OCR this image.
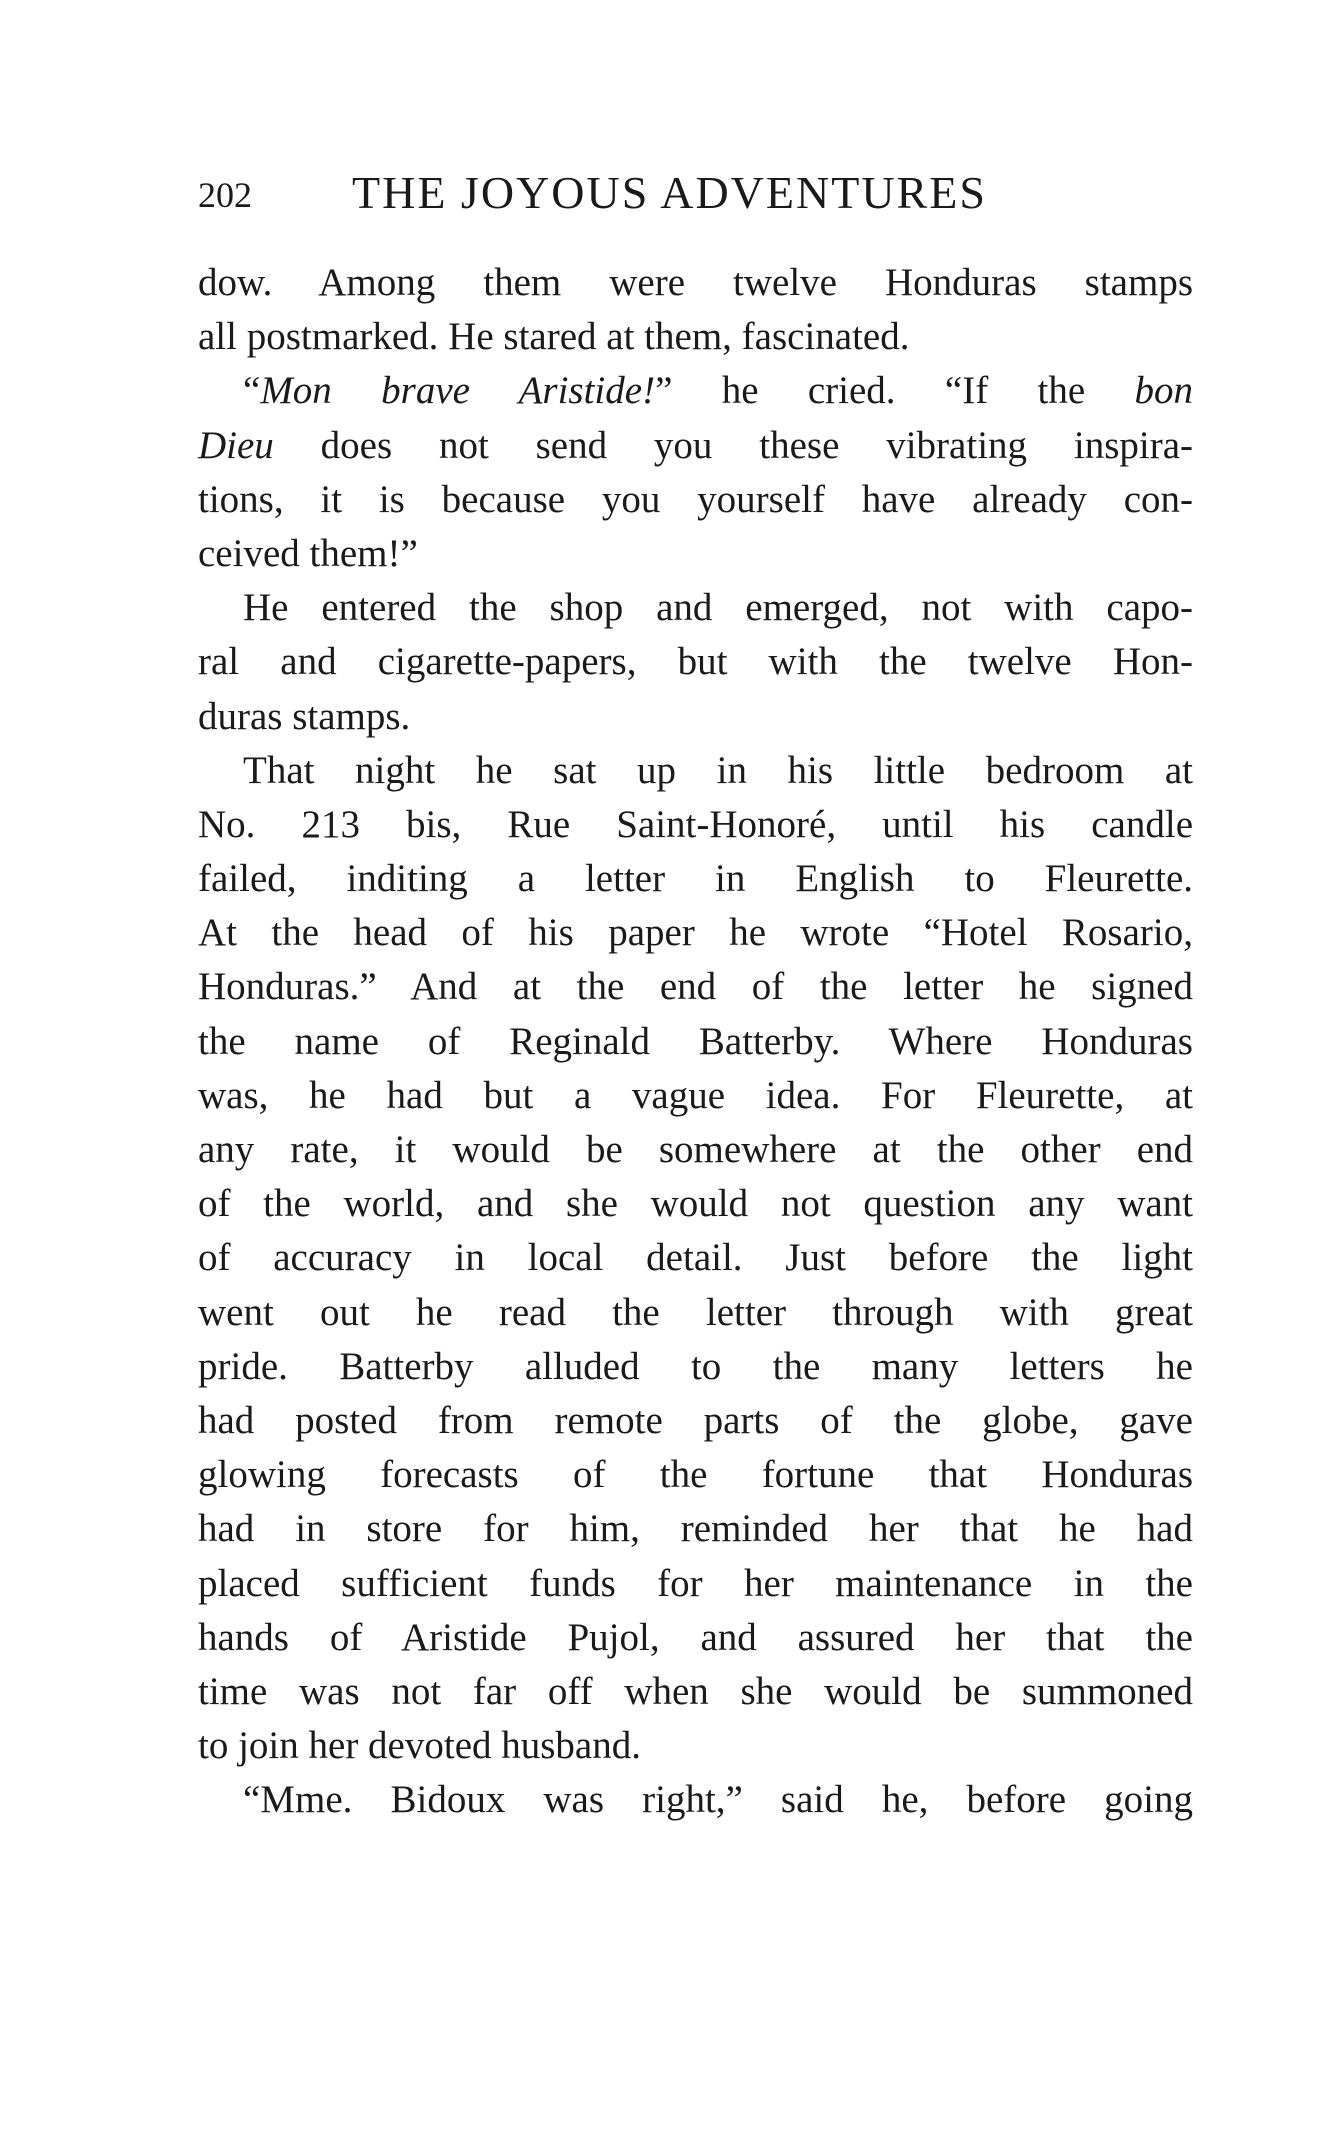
202 THE JOYOUS ADVENTURES
dow. Among them were twelve Honduras stamps
all postmarked. He stared at them, fascinated.
“Mon brave Aristide!” he cried. “If the bon
Dieu does not send you these vibrating inspira-
tions, it is because you yourself have already con-
ceived them!”
He entered the shop and emerged, not with capo-
ral and cigarette-papers, but with the twelve Hon-
duras stamps.
That night he sat up in his little bedroom at
No. 213 bis, Rue Saint-Honoré, until his candle
failed, inditing a letter in English to Fleurette.
At the head of his paper he wrote “Hotel Rosario,
Honduras.” And at the end of the letter he signed
the name of Reginald Batterby. Where Honduras
was, he had but a vague idea. For Fleurette, at
any rate, it would be somewhere at the other end
of the world, and she would not question any want
of accuracy in local detail. Just before the light
went out he read the letter through with great
pride. Batterby alluded to the many letters he
had posted from remote parts of the globe, gave
glowing forecasts of the fortune that Honduras
had in store for him, reminded her that he had
placed sufficient funds for her maintenance in the
hands of Aristide Pujol, and assured her that the
time was not far off when she would be summoned
to join her devoted husband.
“Mme. Bidoux was right,” said he, before going
